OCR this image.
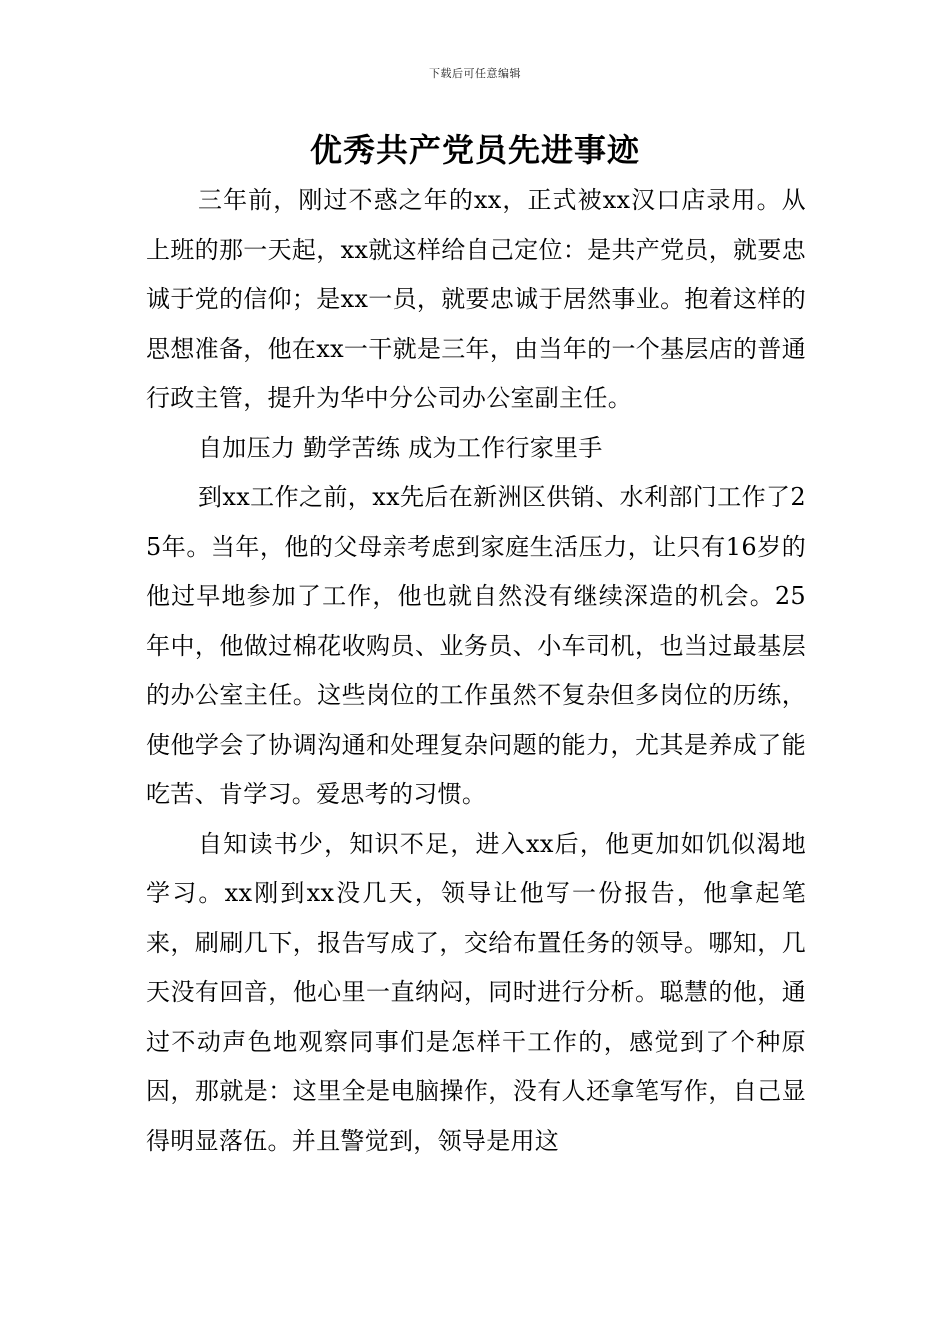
下载后可任意编辑
优秀共产党员先进事迹

三年前，刚过不惑之年的xx，正式被xx汉口店录用。从上班的那一天起，xx就这样给自己定位：是共产党员，就要忠诚于党的信仰；是xx一员，就要忠诚于居然事业。抱着这样的思想准备，他在xx一干就是三年，由当年的一个基层店的普通行政主管，提升为华中分公司办公室副主任。

自加压力 勤学苦练 成为工作行家里手

到xx工作之前，xx先后在新洲区供销、水利部门工作了25年。当年，他的父母亲考虑到家庭生活压力，让只有16岁的他过早地参加了工作，他也就自然没有继续深造的机会。25年中，他做过棉花收购员、业务员、小车司机，也当过最基层的办公室主任。这些岗位的工作虽然不复杂但多岗位的历练，使他学会了协调沟通和处理复杂问题的能力，尤其是养成了能吃苦、肯学习。爱思考的习惯。

自知读书少，知识不足，进入xx后，他更加如饥似渴地学习。xx刚到xx没几天，领导让他写一份报告，他拿起笔来，刷刷几下，报告写成了，交给布置任务的领导。哪知，几天没有回音，他心里一直纳闷，同时进行分析。聪慧的他，通过不动声色地观察同事们是怎样干工作的，感觉到了个种原因，那就是：这里全是电脑操作，没有人还拿笔写作，自己显得明显落伍。并且警觉到，领导是用这
